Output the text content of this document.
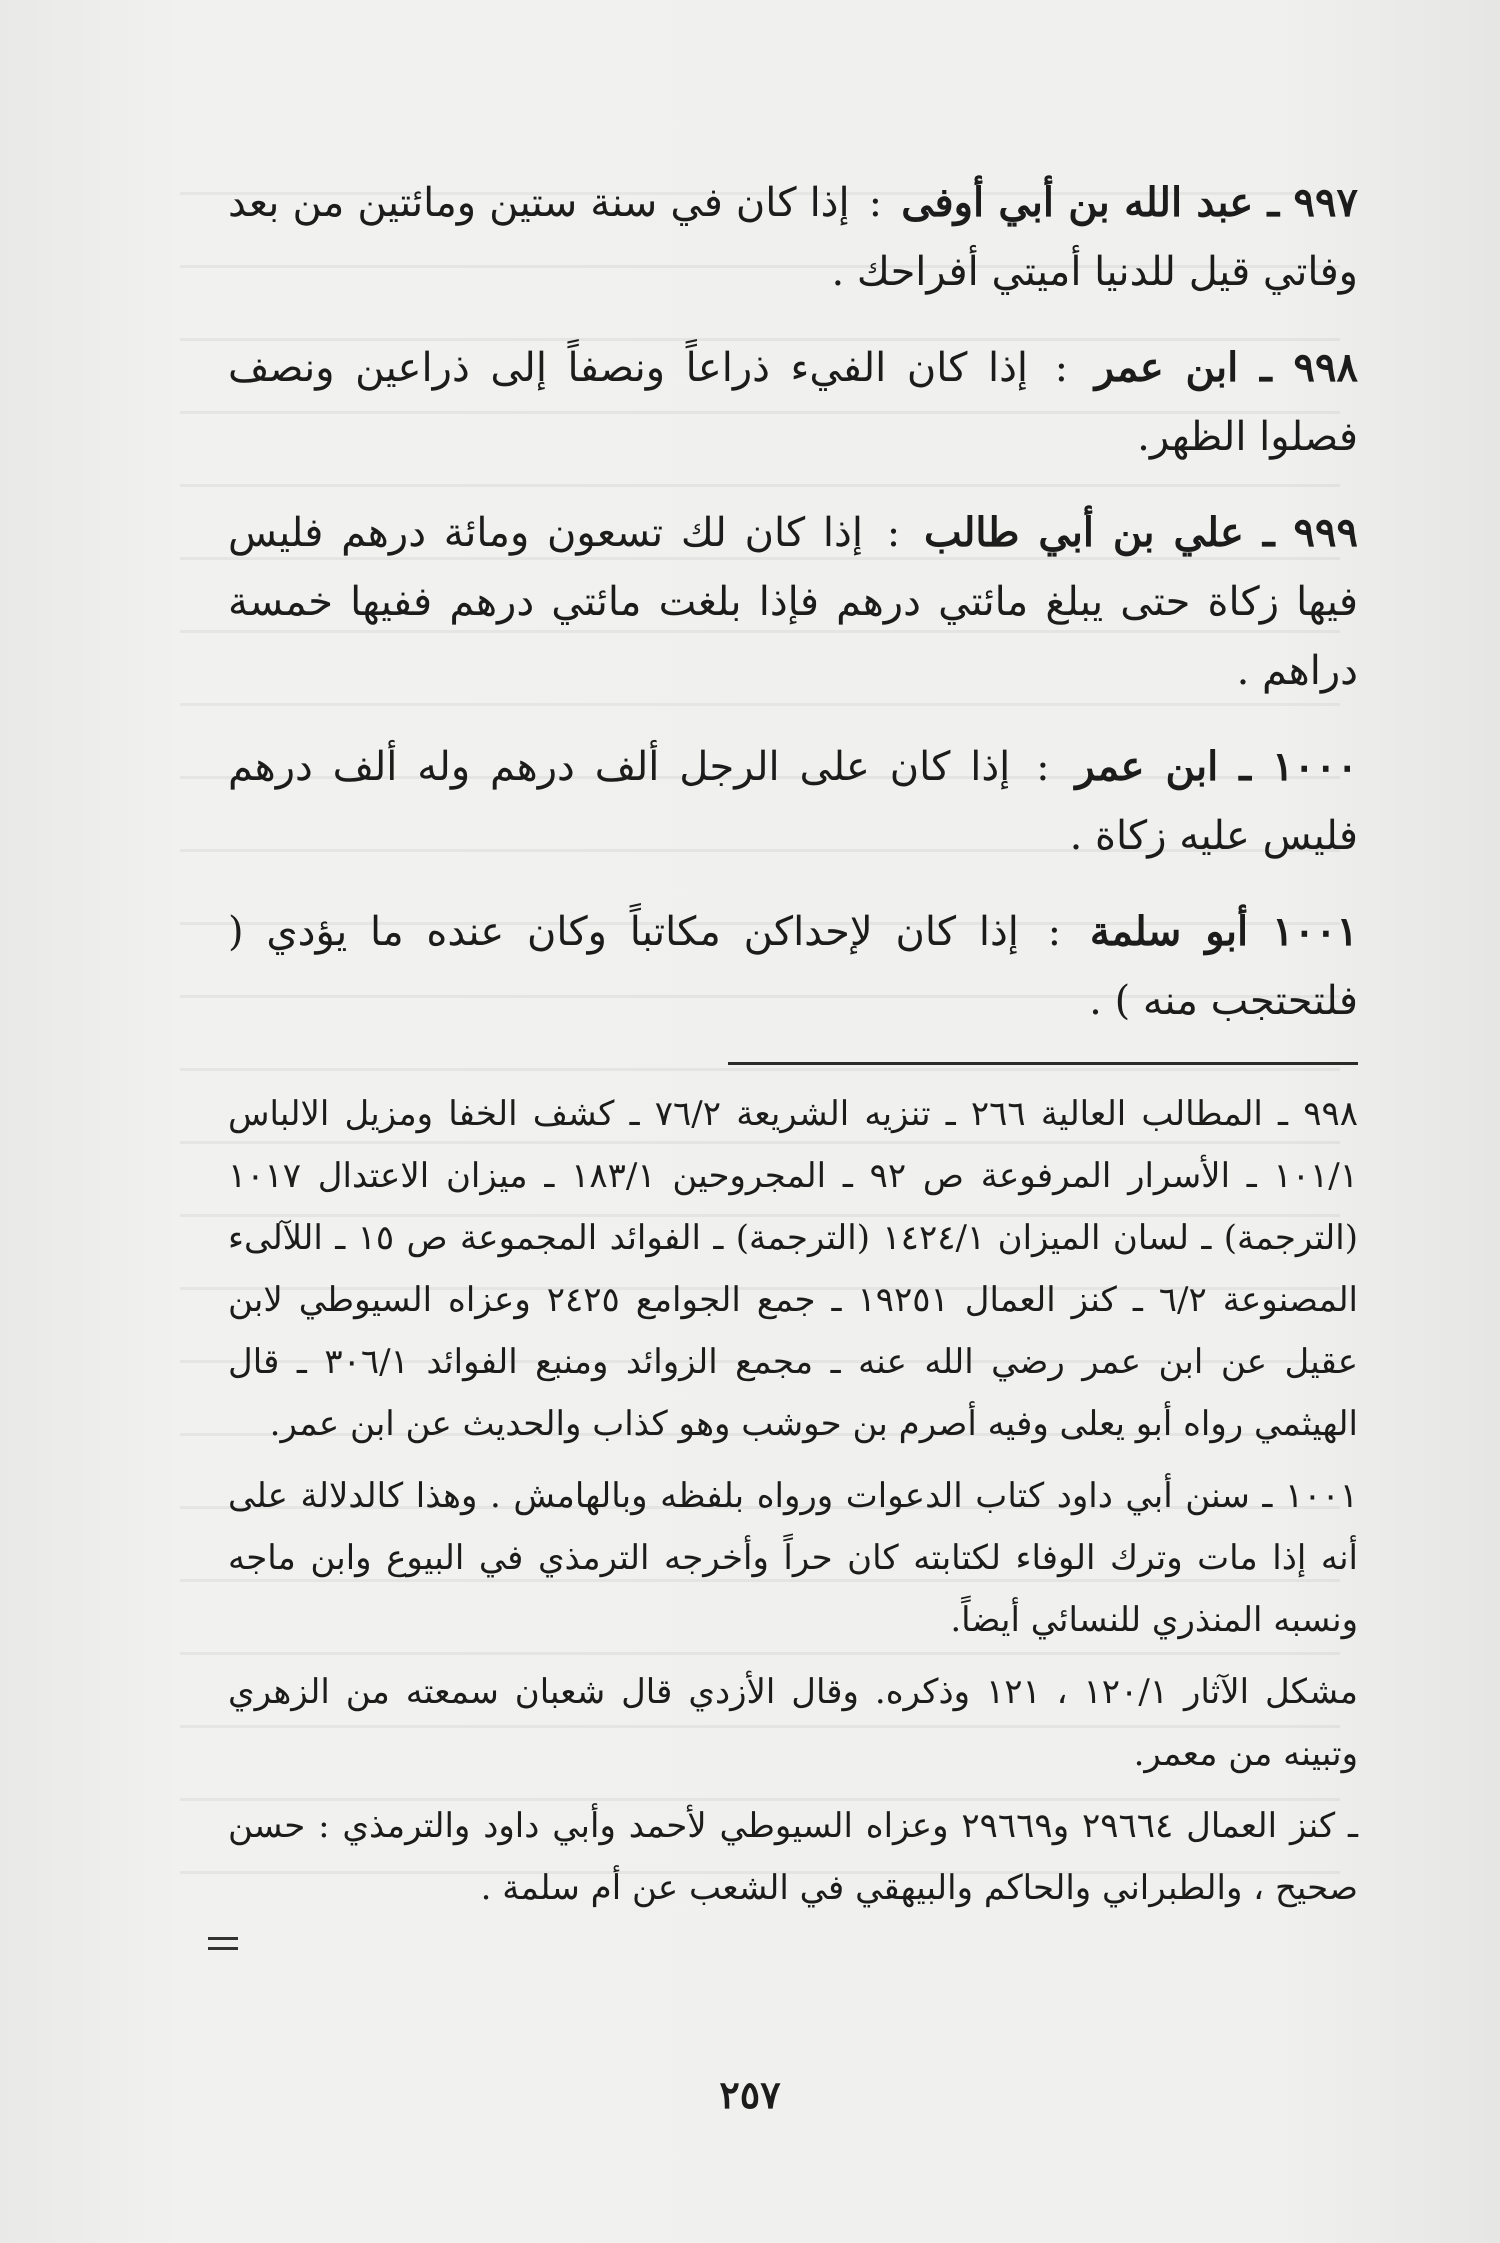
٩٩٧ ـ عبد الله بن أبي أوفى : إذا كان في سنة ستين ومائتين من بعد وفاتي قيل للدنيا أميتي أفراحك .

٩٩٨ ـ ابن عمر : إذا كان الفيء ذراعاً ونصفاً إلى ذراعين ونصف فصلوا الظهر.

٩٩٩ ـ علي بن أبي طالب : إذا كان لك تسعون ومائة درهم فليس فيها زكاة حتى يبلغ مائتي درهم فإذا بلغت مائتي درهم ففيها خمسة دراهم .

١٠٠٠ ـ ابن عمر : إذا كان على الرجل ألف درهم وله ألف درهم فليس عليه زكاة .

١٠٠١ أبو سلمة : إذا كان لإحداكن مكاتباً وكان عنده ما يؤدي ( فلتحتجب منه ) .

٩٩٨ ـ المطالب العالية ٢٦٦ ـ تنزيه الشريعة ٧٦/٢ ـ كشف الخفا ومزيل الالباس ١٠١/١ ـ الأسرار المرفوعة ص ٩٢ ـ المجروحين ١٨٣/١ ـ ميزان الاعتدال ١٠١٧ (الترجمة) ـ لسان الميزان ١٤٢٤/١ (الترجمة) ـ الفوائد المجموعة ص ١٥ ـ اللآلىء المصنوعة ٦/٢ ـ كنز العمال ١٩٢٥١ ـ جمع الجوامع ٢٤٢٥ وعزاه السيوطي لابن عقيل عن ابن عمر رضي الله عنه ـ مجمع الزوائد ومنبع الفوائد ٣٠٦/١ ـ قال الهيثمي رواه أبو يعلى وفيه أصرم بن حوشب وهو كذاب والحديث عن ابن عمر.

١٠٠١ ـ سنن أبي داود كتاب الدعوات ورواه بلفظه وبالهامش . وهذا كالدلالة على أنه إذا مات وترك الوفاء لكتابته كان حراً وأخرجه الترمذي في البيوع وابن ماجه ونسبه المنذري للنسائي أيضاً.

مشكل الآثار ١٢٠/١ ، ١٢١ وذكره. وقال الأزدي قال شعبان سمعته من الزهري وتبينه من معمر.

ـ كنز العمال ٢٩٦٦٤ و٢٩٦٦٩ وعزاه السيوطي لأحمد وأبي داود والترمذي : حسن صحيح ، والطبراني والحاكم والبيهقي في الشعب عن أم سلمة .

٢٥٧
